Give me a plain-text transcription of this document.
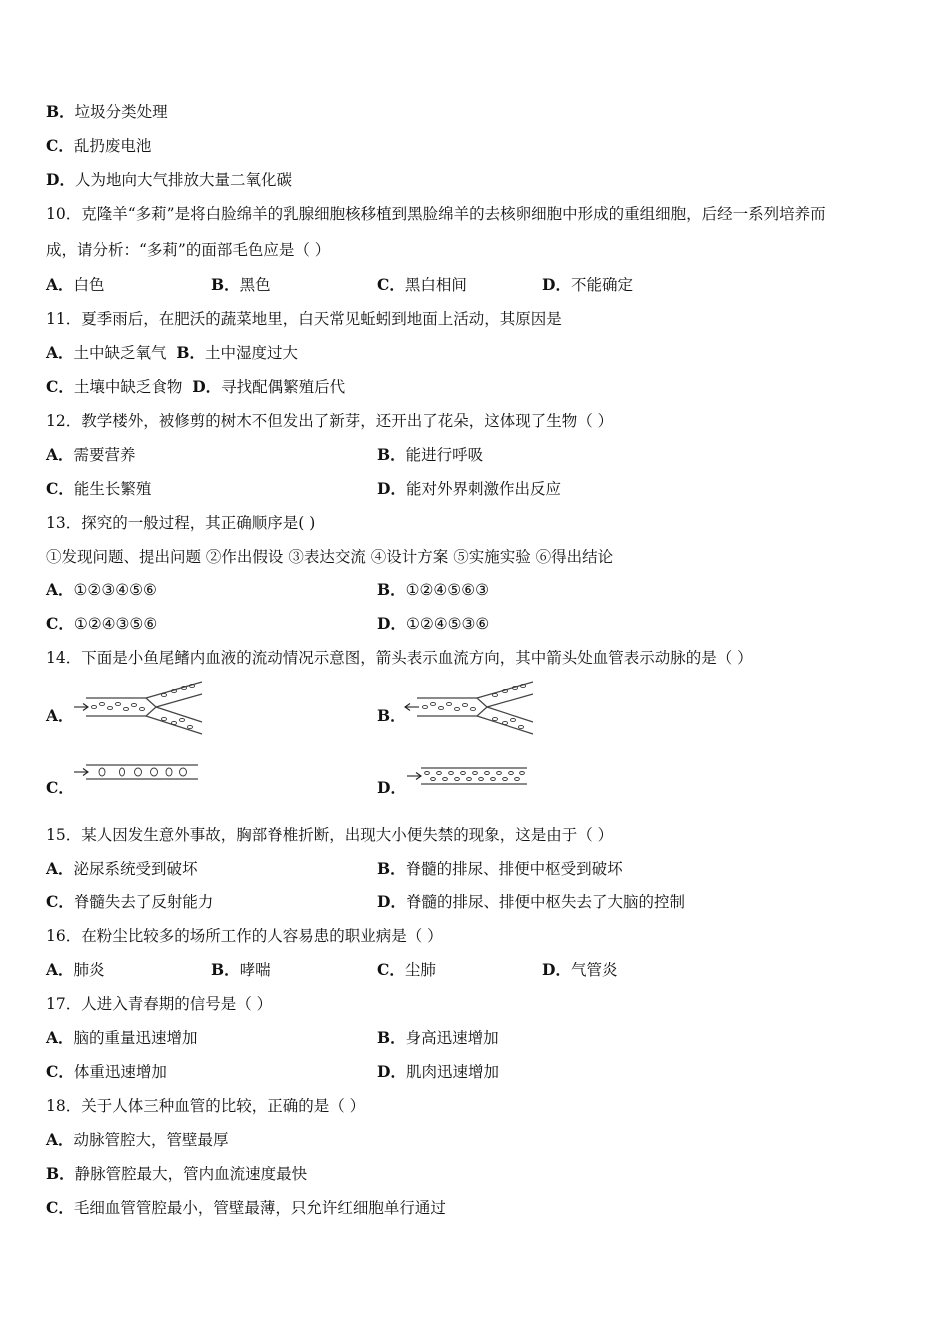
B．垃圾分类处理
C．乱扔废电池
D．人为地向大气排放大量二氧化碳
10．克隆羊“多莉”是将白脸绵羊的乳腺细胞核移植到黑脸绵羊的去核卵细胞中形成的重组细胞，后经一系列培养而
成，请分析：“多莉”的面部毛色应是（ ）
A．白色	B．黑色	C．黑白相间	D．不能确定
11．夏季雨后，在肥沃的蔬菜地里，白天常见蚯蚓到地面上活动，其原因是
A．土中缺乏氧气 B．土中湿度过大
C．土壤中缺乏食物 D．寻找配偶繁殖后代
12．教学楼外，被修剪的树木不但发出了新芽，还开出了花朵，这体现了生物（ ）
A．需要营养	B．能进行呼吸
C．能生长繁殖	D．能对外界刺激作出反应
13．探究的一般过程，其正确顺序是( )
①发现问题、提出问题 ②作出假设 ③表达交流 ④设计方案 ⑤实施实验 ⑥得出结论
A．①②③④⑤⑥	B．①②④⑤⑥③
C．①②④③⑤⑥	D．①②④⑤③⑥
14．下面是小鱼尾鳍内血液的流动情况示意图，箭头表示血流方向，其中箭头处血管表示动脉的是（ ）
A．	B．
C．	D．
15．某人因发生意外事故，胸部脊椎折断，出现大小便失禁的现象，这是由于（ ）
A．泌尿系统受到破坏	B．脊髓的排尿、排便中枢受到破坏
C．脊髓失去了反射能力	D．脊髓的排尿、排便中枢失去了大脑的控制
16．在粉尘比较多的场所工作的人容易患的职业病是（ ）
A．肺炎	B．哮喘	C．尘肺	D．气管炎
17．人进入青春期的信号是（ ）
A．脑的重量迅速增加	B．身高迅速增加
C．体重迅速增加	D．肌肉迅速增加
18．关于人体三种血管的比较，正确的是（ ）
A．动脉管腔大，管壁最厚
B．静脉管腔最大，管内血流速度最快
C．毛细血管管腔最小，管壁最薄，只允许红细胞单行通过
